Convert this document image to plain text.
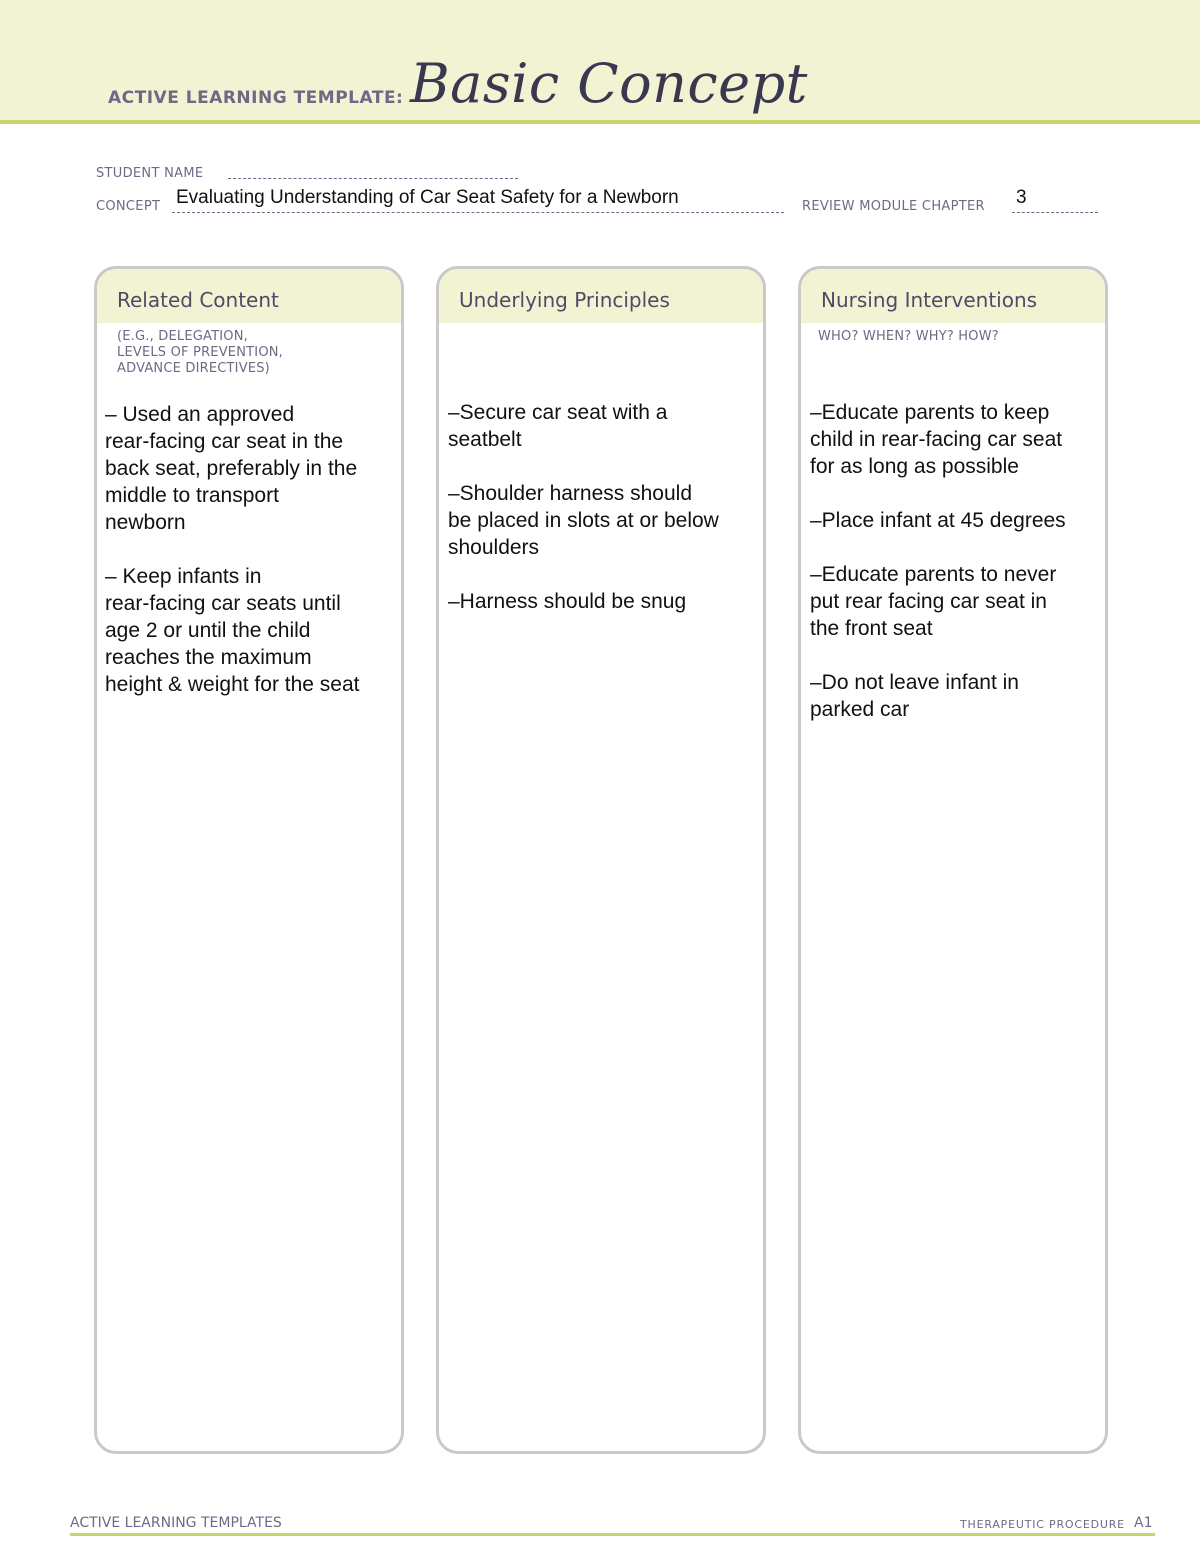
ACTIVE LEARNING TEMPLATE: Basic Concept
STUDENT NAME
CONCEPT Evaluating Understanding of Car Seat Safety for a Newborn	REVIEW MODULE CHAPTER 3
Related Content
(E.G., DELEGATION,
LEVELS OF PREVENTION,
ADVANCE DIRECTIVES)

– Used an approved
rear-facing car seat in the
back seat, preferably in the
middle to transport
newborn

– Keep infants in
rear-facing car seats until
age 2 or until the child
reaches the maximum
height & weight for the seat

Underlying Principles

–Secure car seat with a
seatbelt

–Shoulder harness should
be placed in slots at or below
shoulders

–Harness should be snug

Nursing Interventions
WHO? WHEN? WHY? HOW?

–Educate parents to keep
child in rear-facing car seat
for as long as possible

–Place infant at 45 degrees

–Educate parents to never
put rear facing car seat in
the front seat

–Do not leave infant in
parked car

ACTIVE LEARNING TEMPLATES	THERAPEUTIC PROCEDURE A1
